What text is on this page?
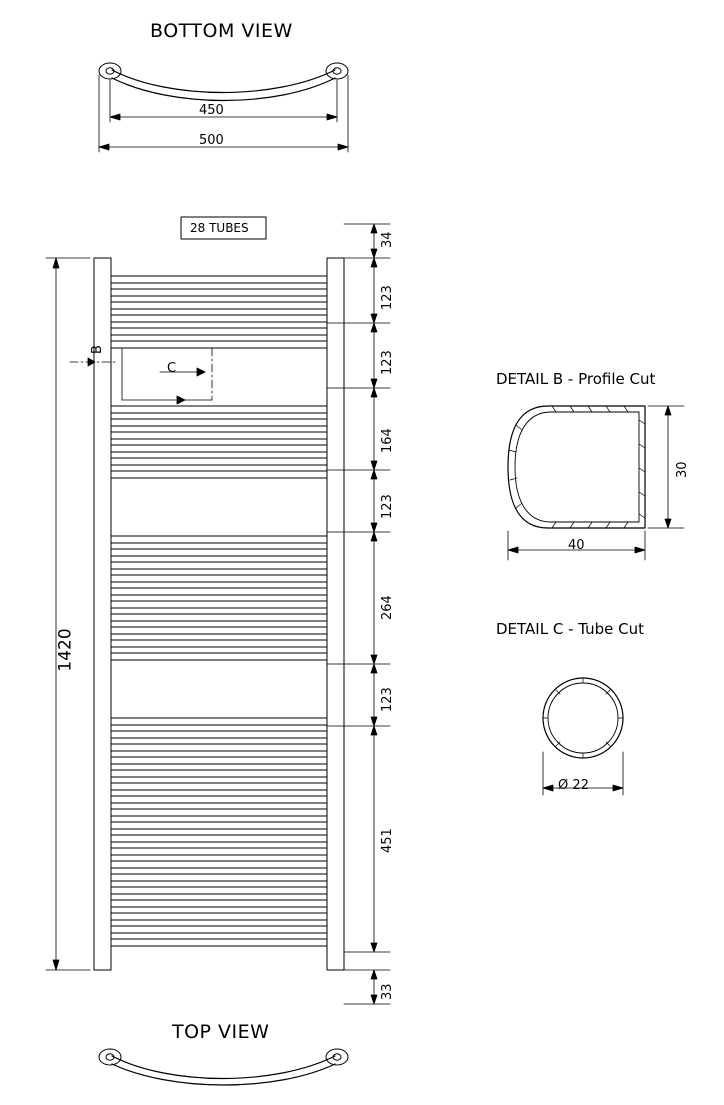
BOTTOM VIEW
450
500
28 TUBES
B
C
1420
34
123
123
164
123
264
123
451
33
DETAIL B - Profile Cut
30
40
DETAIL C - Tube Cut
Ø 22
TOP VIEW
